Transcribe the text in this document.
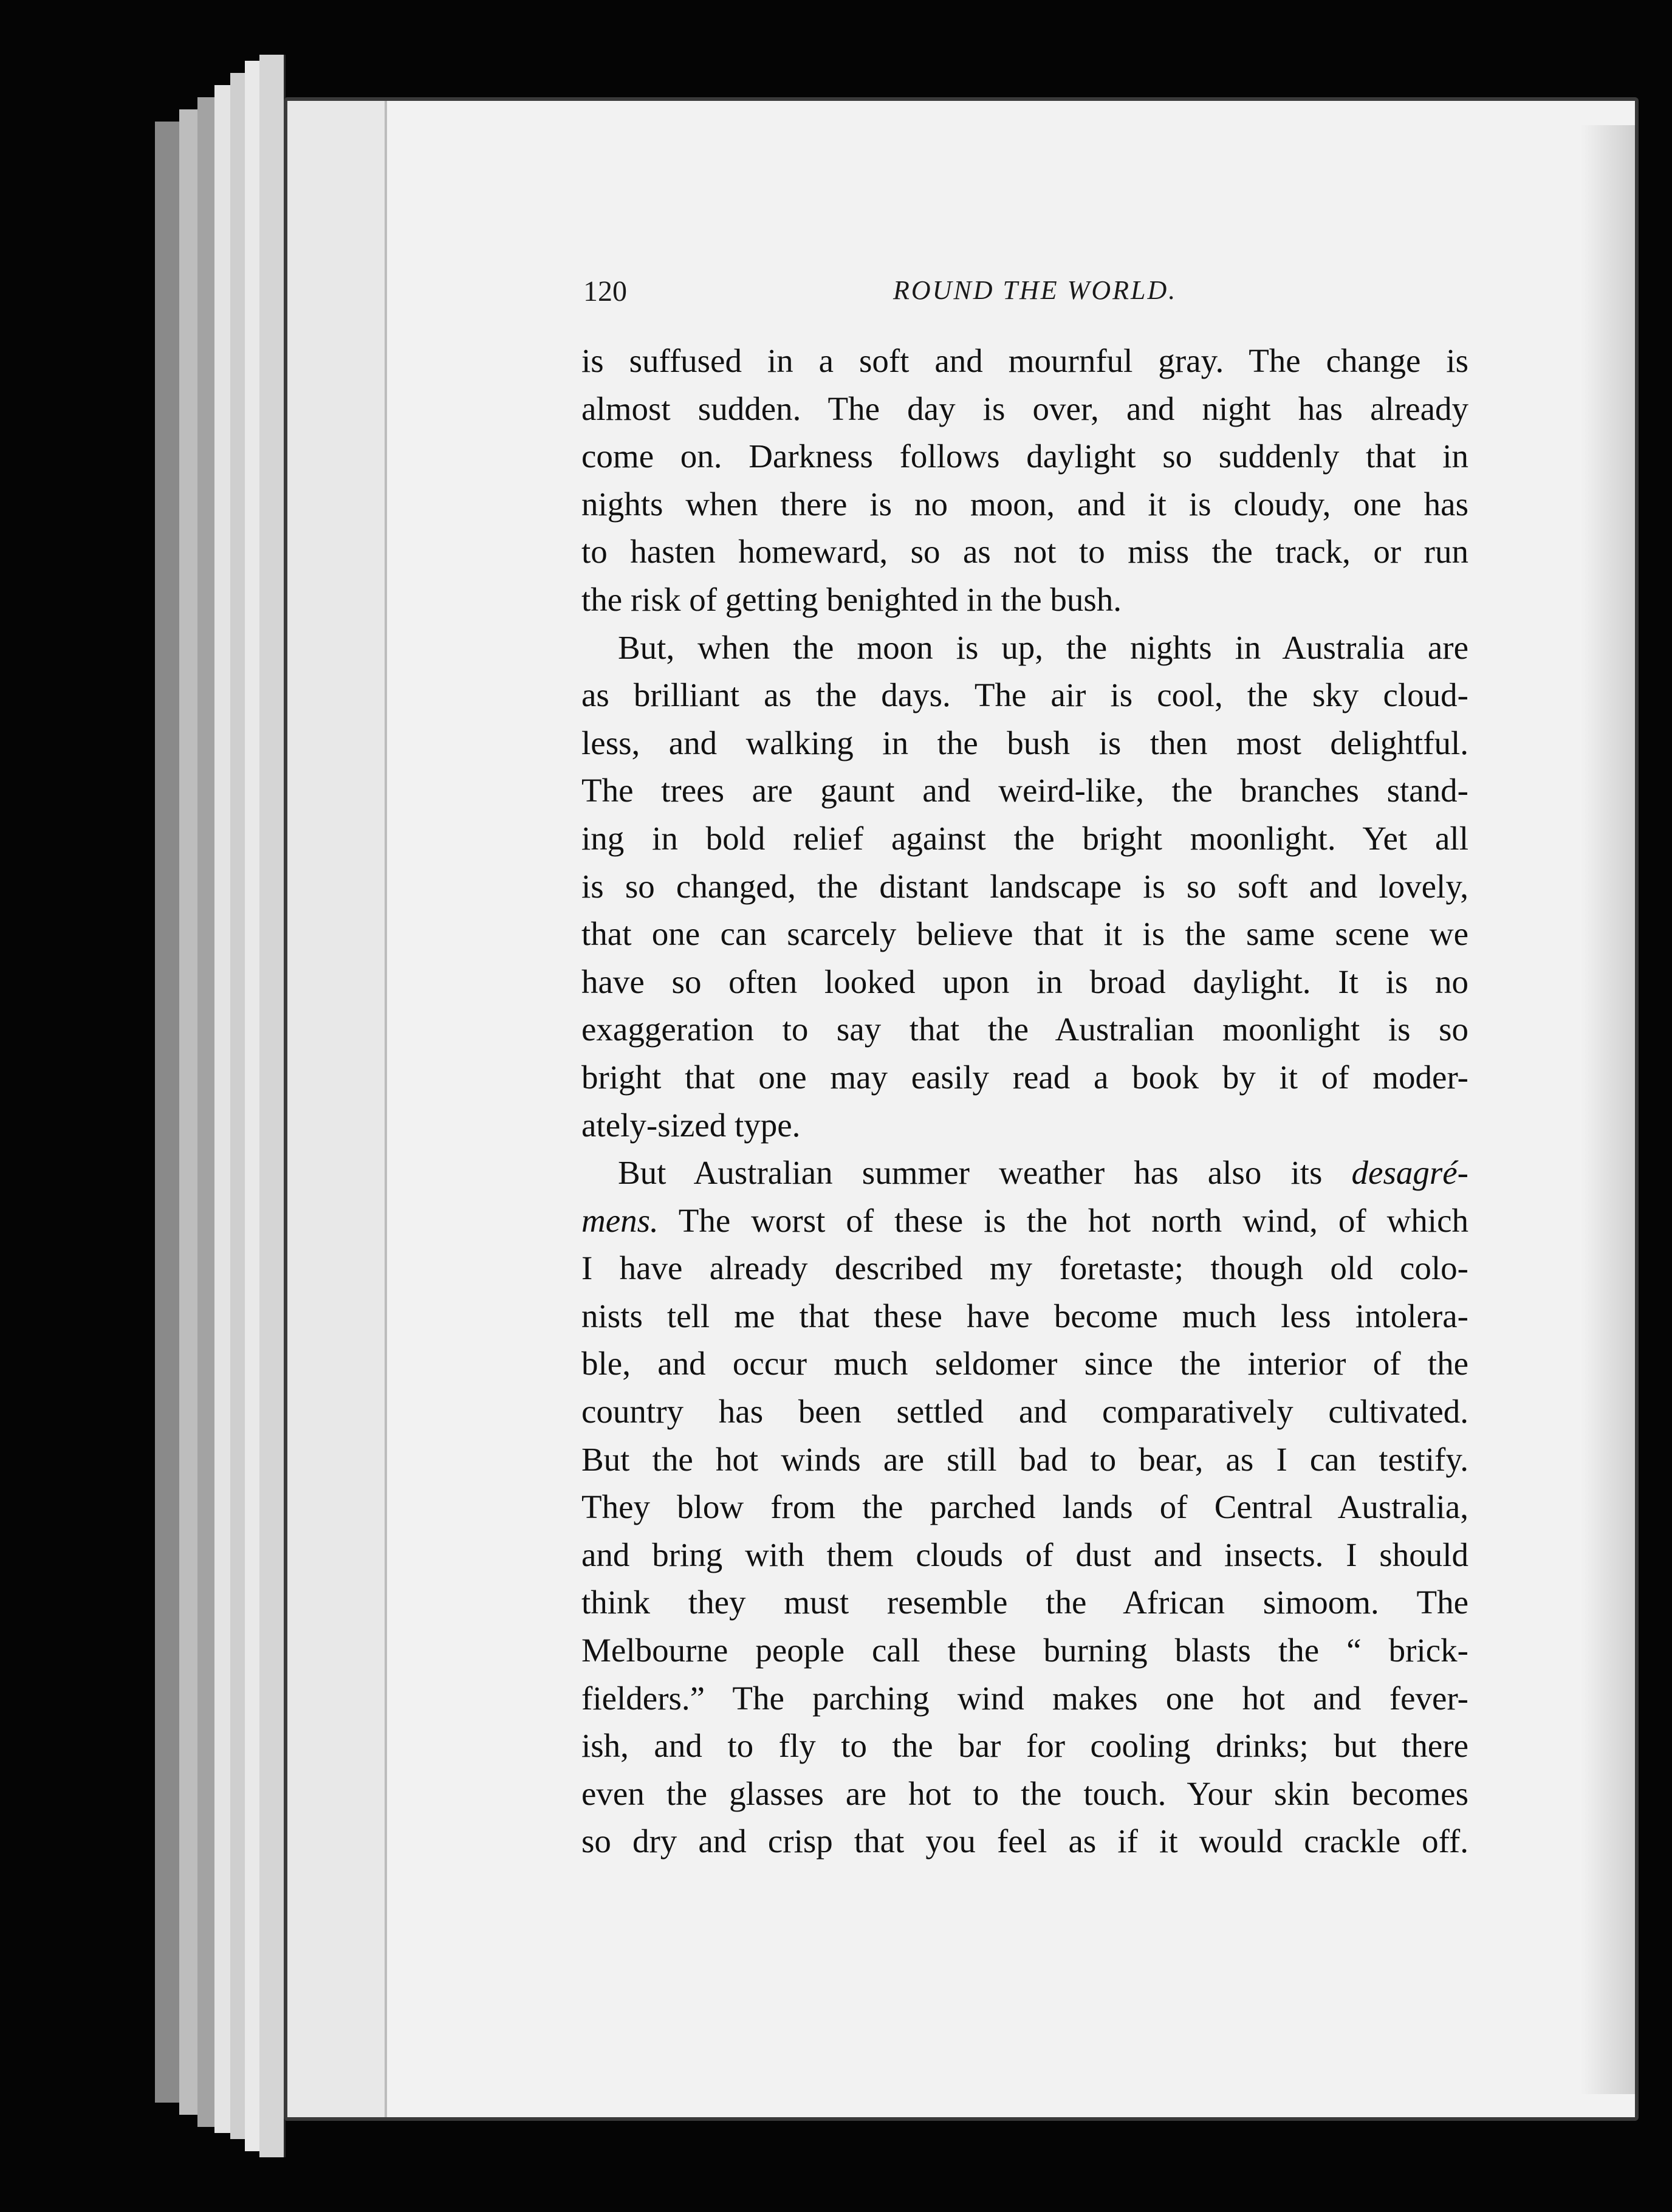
120	ROUND THE WORLD.
is suffused in a soft and mournful gray. The change is
almost sudden. The day is over, and night has already
come on. Darkness follows daylight so suddenly that in
nights when there is no moon, and it is cloudy, one has
to hasten homeward, so as not to miss the track, or run
the risk of getting benighted in the bush.
But, when the moon is up, the nights in Australia are
as brilliant as the days. The air is cool, the sky cloud-
less, and walking in the bush is then most delightful.
The trees are gaunt and weird-like, the branches stand-
ing in bold relief against the bright moonlight. Yet all
is so changed, the distant landscape is so soft and lovely,
that one can scarcely believe that it is the same scene we
have so often looked upon in broad daylight. It is no
exaggeration to say that the Australian moonlight is so
bright that one may easily read a book by it of moder-
ately-sized type.
But Australian summer weather has also its desagré-
mens. The worst of these is the hot north wind, of which
I have already described my foretaste; though old colo-
nists tell me that these have become much less intolera-
ble, and occur much seldomer since the interior of the
country has been settled and comparatively cultivated.
But the hot winds are still bad to bear, as I can testify.
They blow from the parched lands of Central Australia,
and bring with them clouds of dust and insects. I should
think they must resemble the African simoom. The
Melbourne people call these burning blasts the “ brick-
fielders.” The parching wind makes one hot and fever-
ish, and to fly to the bar for cooling drinks; but there
even the glasses are hot to the touch. Your skin becomes
so dry and crisp that you feel as if it would crackle off.
